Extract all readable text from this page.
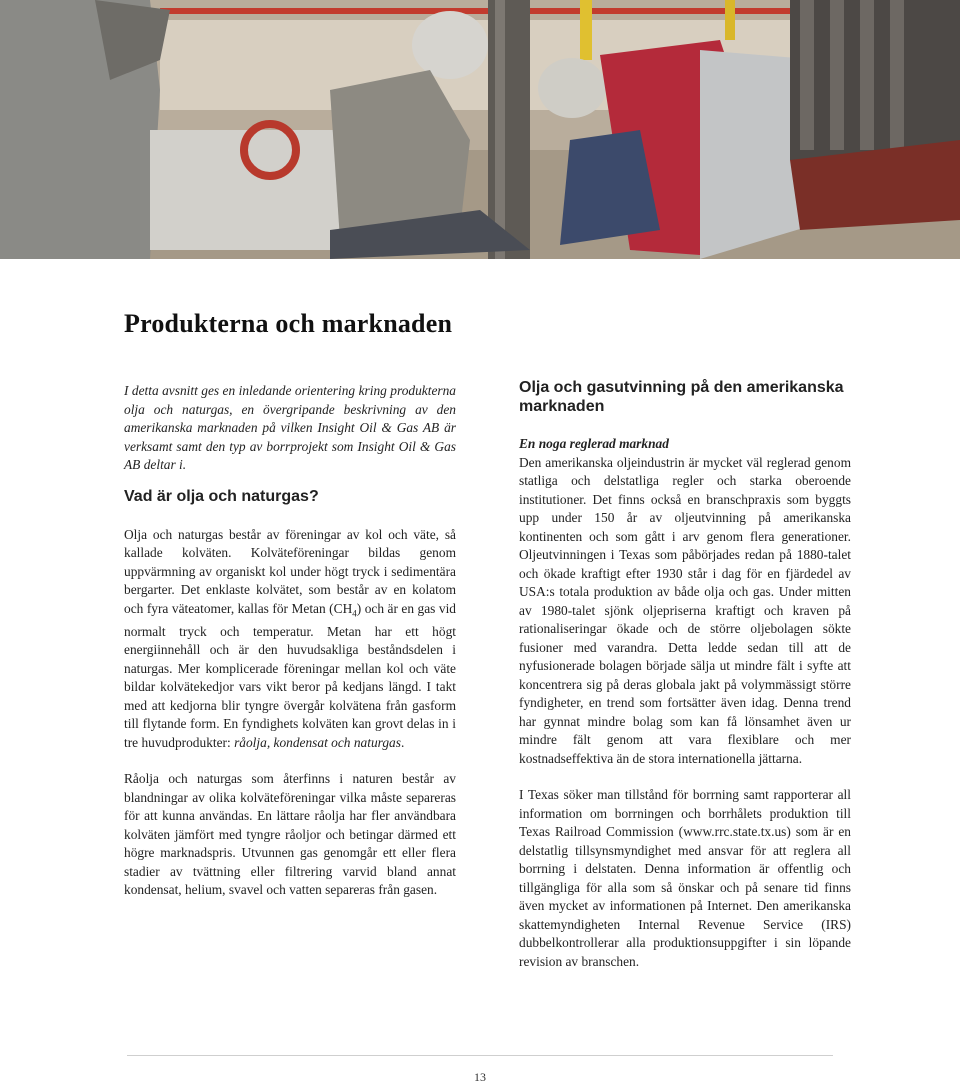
Produkterna och marknaden

I detta avsnitt ges en inledande orientering kring produkterna olja och naturgas, en övergripande beskrivning av den amerikanska marknaden på vilken Insight Oil & Gas AB är verksamt samt den typ av borrprojekt som Insight Oil & Gas AB deltar i.

Vad är olja och naturgas?

Olja och naturgas består av föreningar av kol och väte, så kallade kolväten. Kolväteföreningar bildas genom uppvärmning av organiskt kol under högt tryck i sedimentära bergarter. Det enklaste kolvätet, som består av en kolatom och fyra väteatomer, kallas för Metan $(CH_4)$ och är en gas vid normalt tryck och temperatur. Metan har ett högt energiinnehåll och är den huvudsakliga beståndsdelen i naturgas. Mer komplicerade föreningar mellan kol och väte bildar kolvätekedjor vars vikt beror på kedjans längd. I takt med att kedjorna blir tyngre övergår kolvätena från gasform till flytande form. En fyndighets kolväten kan grovt delas in i tre huvudprodukter: råolja, kondensat och naturgas.

Råolja och naturgas som återfinns i naturen består av blandningar av olika kolväteföreningar vilka måste separeras för att kunna användas. En lättare råolja har fler användbara kolväten jämfört med tyngre råoljor och betingar därmed ett högre marknadspris. Utvunnen gas genomgår ett eller flera stadier av tvättning eller filtrering varvid bland annat kondensat, helium, svavel och vatten separeras från gasen.

Olja och gasutvinning på den amerikanska marknaden

En noga reglerad marknad

Den amerikanska oljeindustrin är mycket väl reglerad genom statliga och delstatliga regler och starka oberoende institutioner. Det finns också en branschpraxis som byggts upp under 150 år av oljeutvinning på amerikanska kontinenten och som gått i arv genom flera generationer. Oljeutvinningen i Texas som påbörjades redan på 1880-talet och ökade kraftigt efter 1930 står i dag för en fjärdedel av USA:s totala produktion av både olja och gas. Under mitten av 1980-talet sjönk oljepriserna kraftigt och kraven på rationaliseringar ökade och de större oljebolagen sökte fusioner med varandra. Detta ledde sedan till att de nyfusionerade bolagen började sälja ut mindre fält i syfte att koncentrera sig på deras globala jakt på volymmässigt större fyndigheter, en trend som fortsätter även idag. Denna trend har gynnat mindre bolag som kan få lönsamhet även ur mindre fält genom att vara flexiblare och mer kostnadseffektiva än de stora internationella jättarna.

I Texas söker man tillstånd för borrning samt rapporterar all information om borrningen och borrhålets produktion till Texas Railroad Commission (www.rrc.state.tx.us) som är en delstatlig tillsynsmyndighet med ansvar för att reglera all borrning i delstaten. Denna information är offentlig och tillgängliga för alla som så önskar och på senare tid finns även mycket av informationen på Internet. Den amerikanska skattemyndigheten Internal Revenue Service (IRS) dubbelkontrollerar alla produktionsuppgifter i sin löpande revision av branschen.

13
